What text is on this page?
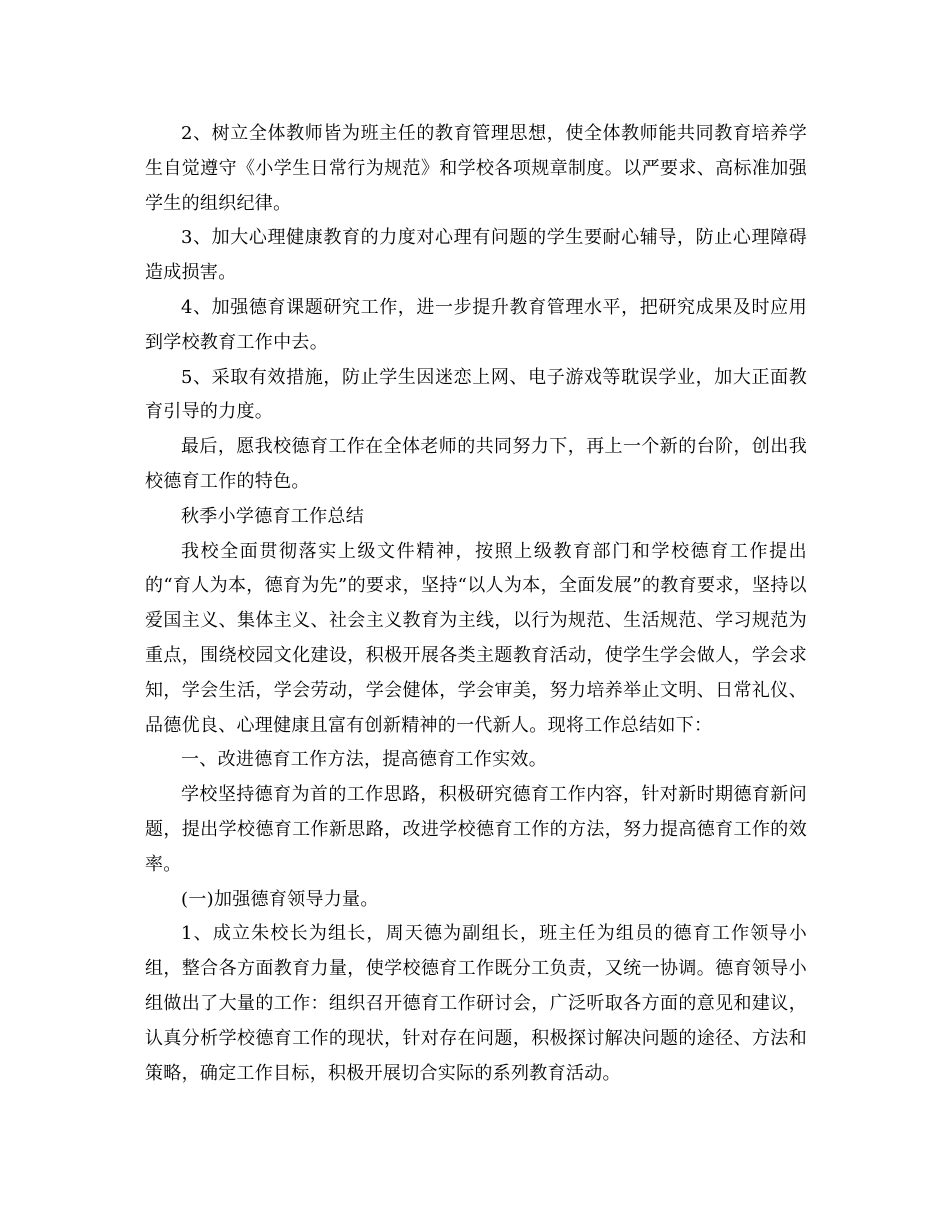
2、树立全体教师皆为班主任的教育管理思想，使全体教师能共同教育培养学生自觉遵守《小学生日常行为规范》和学校各项规章制度。以严要求、高标准加强学生的组织纪律。

3、加大心理健康教育的力度对心理有问题的学生要耐心辅导，防止心理障碍造成损害。

4、加强德育课题研究工作，进一步提升教育管理水平，把研究成果及时应用到学校教育工作中去。

5、采取有效措施，防止学生因迷恋上网、电子游戏等耽误学业，加大正面教育引导的力度。

最后，愿我校德育工作在全体老师的共同努力下，再上一个新的台阶，创出我校德育工作的特色。

秋季小学德育工作总结

我校全面贯彻落实上级文件精神，按照上级教育部门和学校德育工作提出的“育人为本，德育为先”的要求，坚持“以人为本，全面发展”的教育要求，坚持以爱国主义、集体主义、社会主义教育为主线，以行为规范、生活规范、学习规范为重点，围绕校园文化建设，积极开展各类主题教育活动，使学生学会做人，学会求知，学会生活，学会劳动，学会健体，学会审美，努力培养举止文明、日常礼仪、品德优良、心理健康且富有创新精神的一代新人。现将工作总结如下：

一、改进德育工作方法，提高德育工作实效。

学校坚持德育为首的工作思路，积极研究德育工作内容，针对新时期德育新问题，提出学校德育工作新思路，改进学校德育工作的方法，努力提高德育工作的效率。

(一)加强德育领导力量。

1、成立朱校长为组长，周天德为副组长，班主任为组员的德育工作领导小组，整合各方面教育力量，使学校德育工作既分工负责，又统一协调。德育领导小组做出了大量的工作：组织召开德育工作研讨会，广泛听取各方面的意见和建议，认真分析学校德育工作的现状，针对存在问题，积极探讨解决问题的途径、方法和策略，确定工作目标，积极开展切合实际的系列教育活动。
